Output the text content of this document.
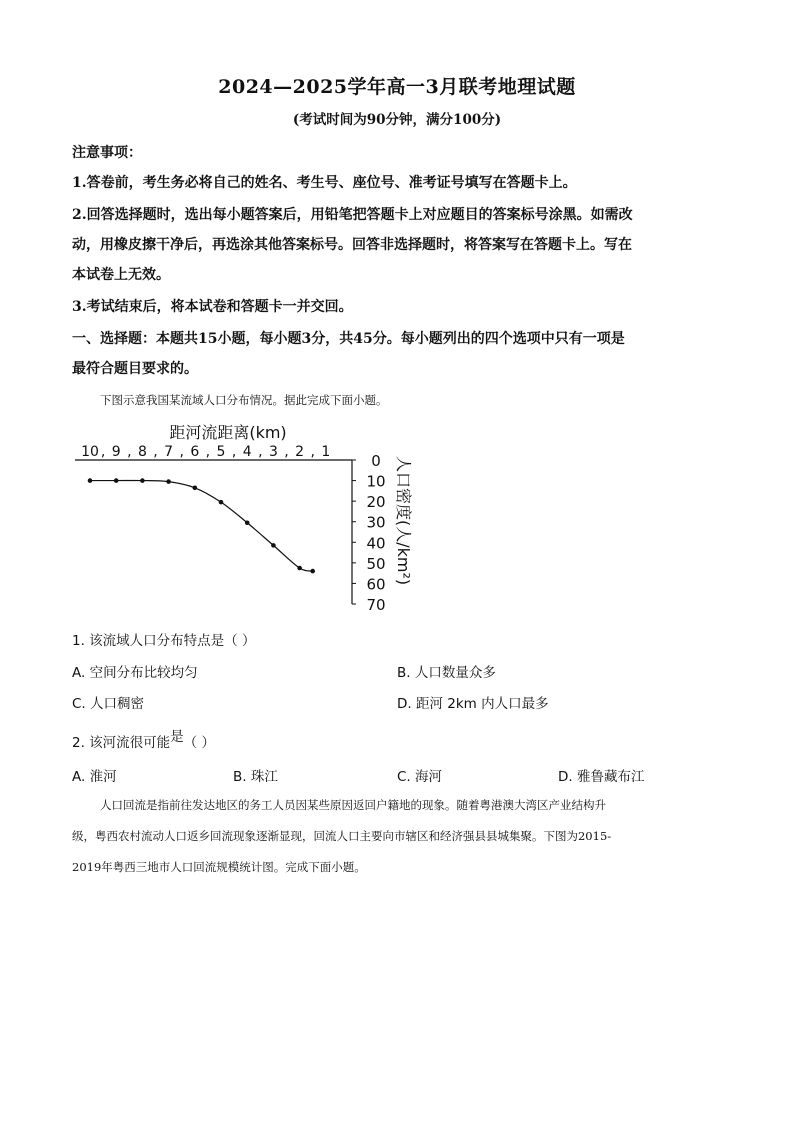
2024—2025学年高一3月联考地理试题
(考试时间为90分钟，满分100分)
注意事项：
1.答卷前，考生务必将自己的姓名、考生号、座位号、准考证号填写在答题卡上。
2.回答选择题时，选出每小题答案后，用铅笔把答题卡上对应题目的答案标号涂黑。如需改
动，用橡皮擦干净后，再选涂其他答案标号。回答非选择题时，将答案写在答题卡上。写在
本试卷上无效。
3.考试结束后，将本试卷和答题卡一并交回。
一、选择题：本题共15小题，每小题3分，共45分。每小题列出的四个选项中只有一项是
最符合题目要求的。
下图示意我国某流域人口分布情况。据此完成下面小题。
距河流距离(km)
10 , 9 , 8 , 7 , 6 , 5 , 4 , 3 , 2 , 1	0
10
20
30
40
50
60
70
人口密度(人/km²)
1. 该流域人口分布特点是（ ）
A. 空间分布比较均匀	B. 人口数量众多
C. 人口稠密	D. 距河 2km 内人口最多
2. 该河流很可能是（ ）
A. 淮河	B. 珠江	C. 海河	D. 雅鲁藏布江
人口回流是指前往发达地区的务工人员因某些原因返回户籍地的现象。随着粤港澳大湾区产业结构升
级，粤西农村流动人口返乡回流现象逐渐显现，回流人口主要向市辖区和经济强县县城集聚。下图为2015-
2019年粤西三地市人口回流规模统计图。完成下面小题。
